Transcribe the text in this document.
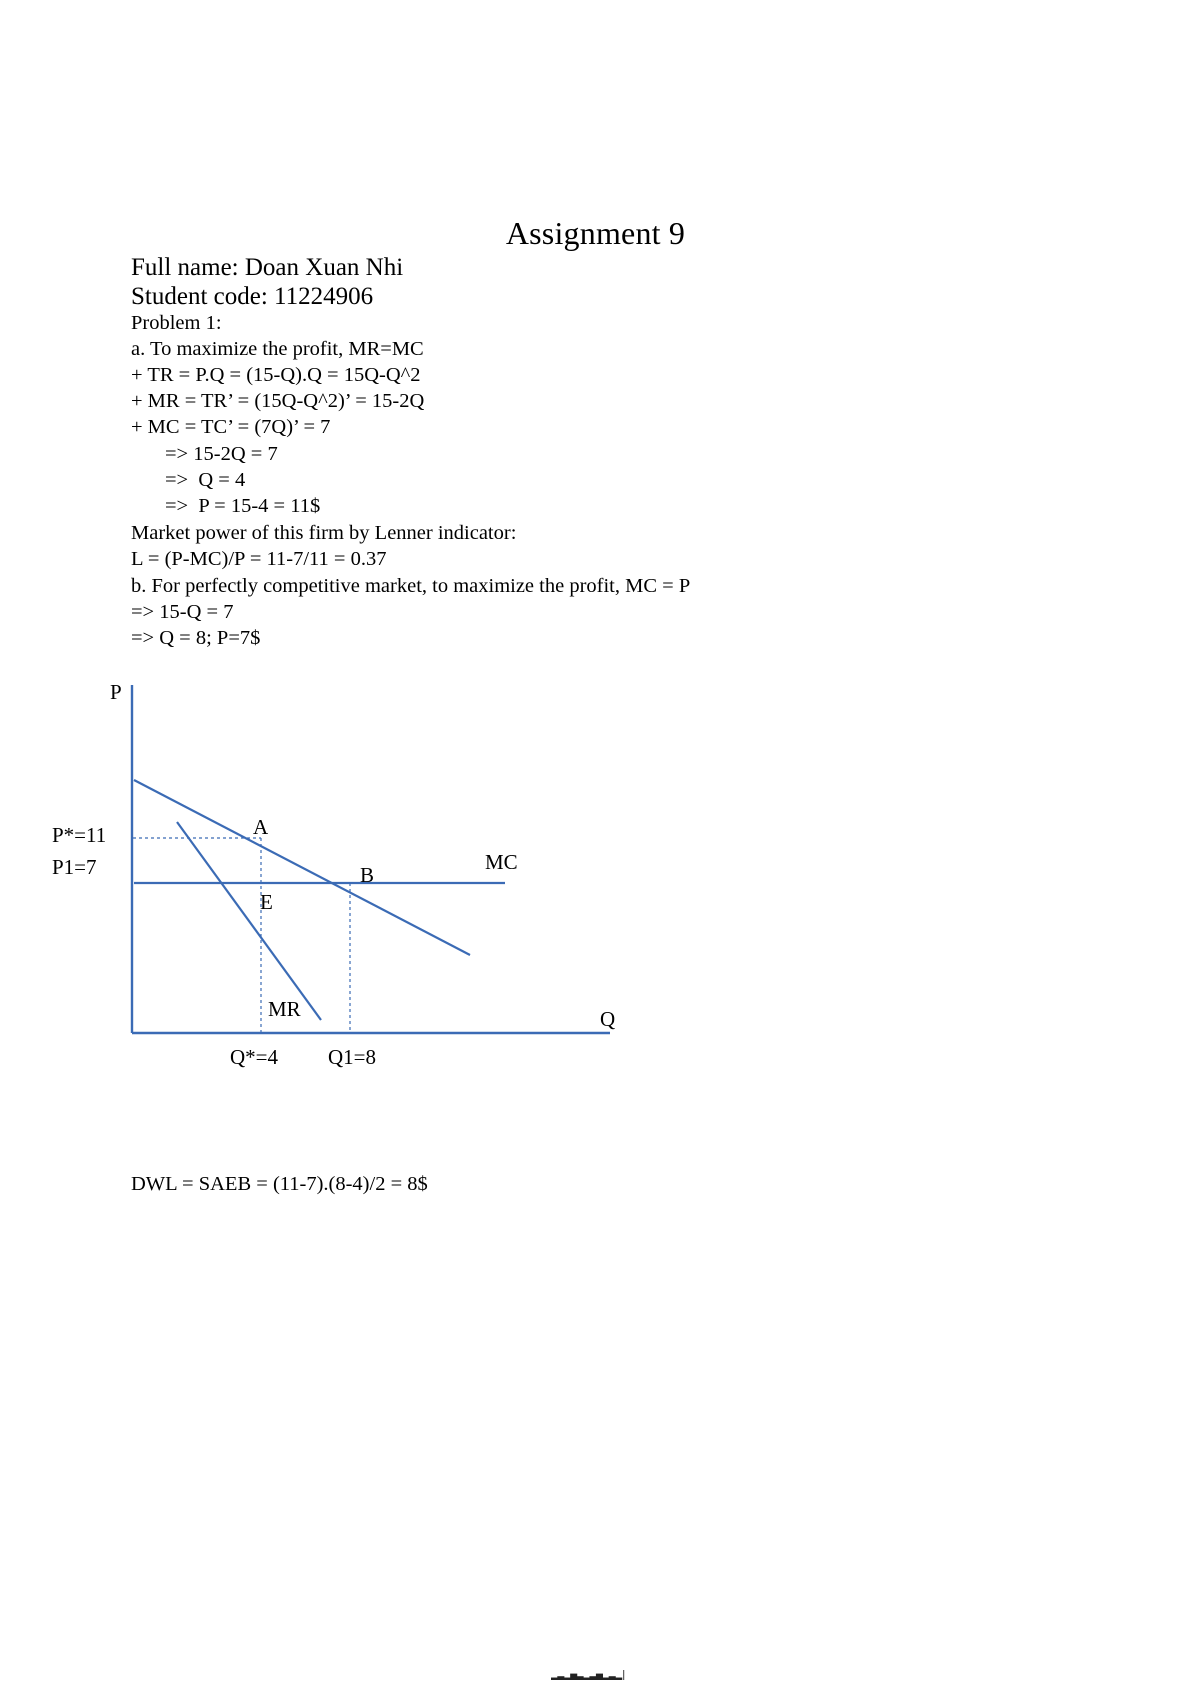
Assignment 9
Full name: Doan Xuan Nhi
Student code: 11224906
Problem 1:
a. To maximize the profit, MR=MC
+ TR = P.Q = (15-Q).Q = 15Q-Q^2
+ MR = TR’ = (15Q-Q^2)’ = 15-2Q
+ MC = TC’ = (7Q)’ = 7
=> 15-2Q = 7
=>  Q = 4
=>  P = 15-4 = 11$
Market power of this firm by Lenner indicator:
L = (P-MC)/P = 11-7/11 = 0.37
b. For perfectly competitive market, to maximize the profit, MC = P
=> 15-Q = 7
=> Q = 8; P=7$
P
Q
P*=11
P1=7
A
B
E
MR
MC
Q*=4 Q1=8
DWL = SAEB = (11-7).(8-4)/2 = 8$
▂▃▂▅▃▂▃▅▂▃▂ ▏
